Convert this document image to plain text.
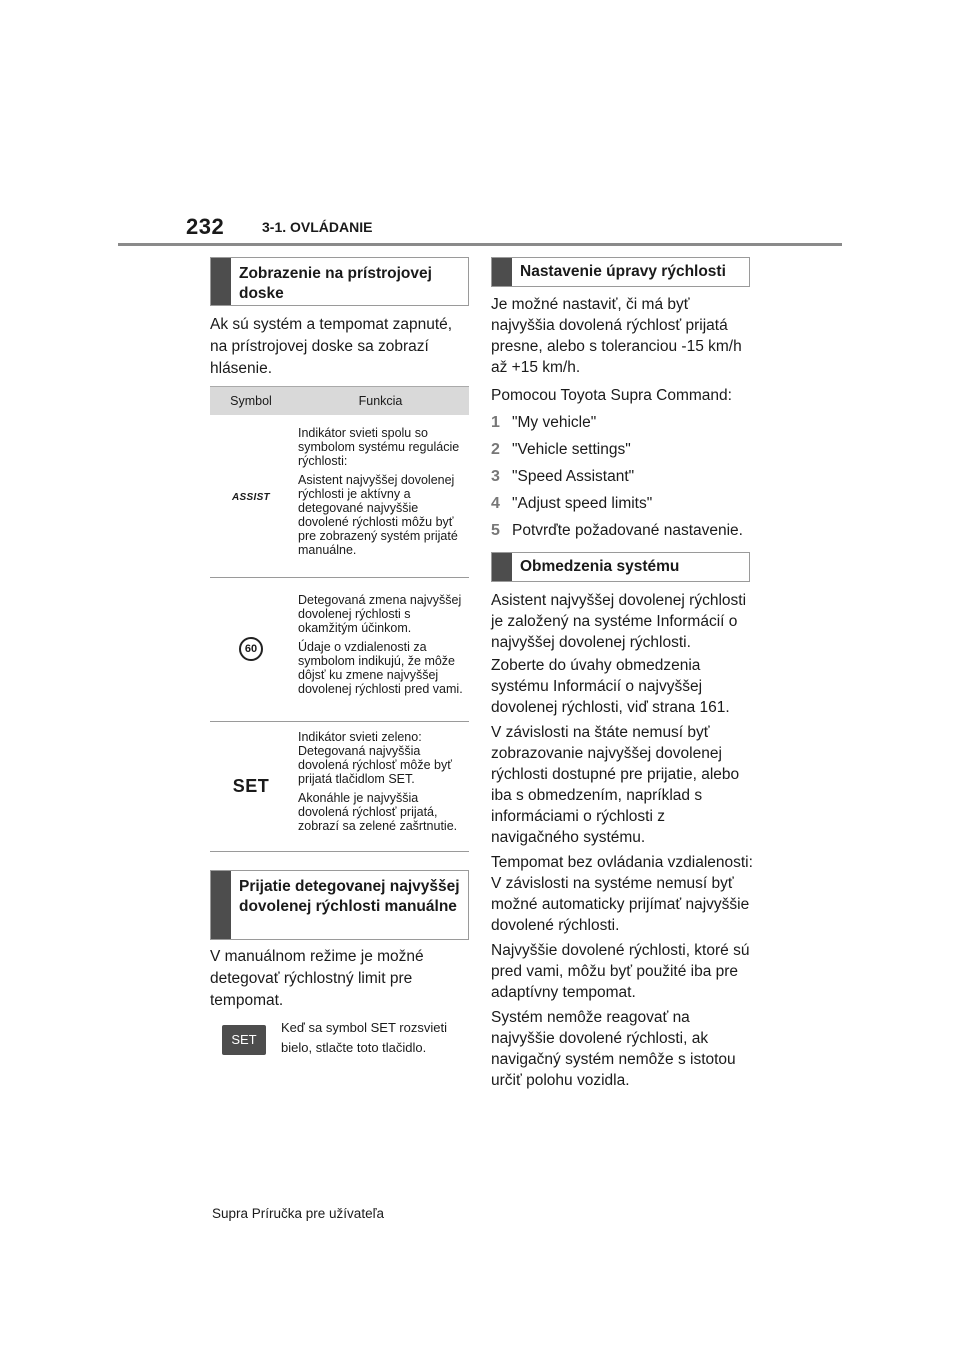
232	3-1. OVLÁDANIE
Zobrazenie na prístrojovej doske
Ak sú systém a tempomat zapnuté, na prístrojovej doske sa zobrazí hlásenie.
Symbol	Funkcia
ASSIST	Indikátor svieti spolu so symbolom systému regulácie rýchlosti:

Asistent najvyššej dovolenej rýchlosti je aktívny a detegované najvyššie dovolené rýchlosti môžu byť pre zobrazený systém prijaté manuálne.

60	Detegovaná zmena najvyššej dovolenej rýchlosti s okamžitým účinkom.

Údaje o vzdialenosti za symbolom indikujú, že môže dôjsť ku zmene najvyššej dovolenej rýchlosti pred vami.

SET	Indikátor svieti zeleno: Detegovaná najvyššia dovolená rýchlosť môže byť prijatá tlačidlom SET.

Akonáhle je najvyššia dovolená rýchlosť prijatá, zobrazí sa zelené zašrtnutie.

Prijatie detegovanej najvyššej dovolenej rýchlosti manuálne
V manuálnom režime je možné detegovať rýchlostný limit pre tempomat.
SET
Keď sa symbol SET rozsvieti bielo, stlačte toto tlačidlo.
Nastavenie úpravy rýchlosti
Je možné nastaviť, či má byť najvyššia dovolená rýchlosť prijatá presne, alebo s toleranciou -15 km/h až +15 km/h.
Pomocou Toyota Supra Command:
1 "My vehicle"
2 "Vehicle settings"
3 "Speed Assistant"
4 "Adjust speed limits"
5 Potvrďte požadované nastavenie.
Obmedzenia systému
Asistent najvyššej dovolenej rýchlosti je založený na systéme Informácií o najvyššej dovolenej rýchlosti.
Zoberte do úvahy obmedzenia systému Informácií o najvyššej dovolenej rýchlosti, viď strana 161.
V závislosti na štáte nemusí byť zobrazovanie najvyššej dovolenej rýchlosti dostupné pre prijatie, alebo iba s obmedzením, napríklad s informáciami o rýchlosti z navigačného systému.
Tempomat bez ovládania vzdialenosti: V závislosti na systéme nemusí byť možné automaticky prijímať najvyššie dovolené rýchlosti.
Najvyššie dovolené rýchlosti, ktoré sú pred vami, môžu byť použité iba pre adaptívny tempomat.
Systém nemôže reagovať na najvyššie dovolené rýchlosti, ak navigačný systém nemôže s istotou určiť polohu vozidla.
Supra Príručka pre užívateľa
